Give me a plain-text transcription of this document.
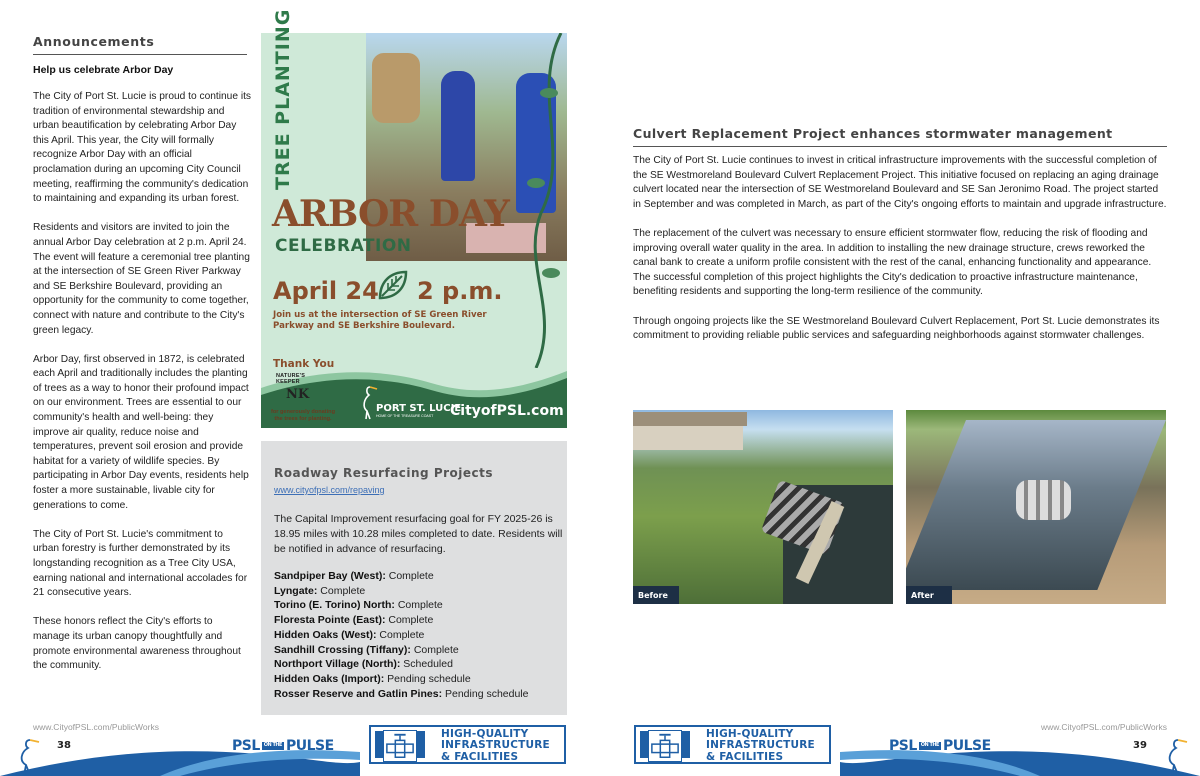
Announcements
Help us celebrate Arbor Day

The City of Port St. Lucie is proud to continue its tradition of environmental stewardship and urban beautification by celebrating Arbor Day this April. This year, the City will formally recognize Arbor Day with an official proclamation during an upcoming City Council meeting, reaffirming the community's dedication to maintaining and expanding its urban forest.

Residents and visitors are invited to join the annual Arbor Day celebration at 2 p.m. April 24. The event will feature a ceremonial tree planting at the intersection of SE Green River Parkway and SE Berkshire Boulevard, providing an opportunity for the community to come together, connect with nature and contribute to the City's green legacy.

Arbor Day, first observed in 1872, is celebrated each April and traditionally includes the planting of trees as a way to honor their profound impact on our environment. Trees are essential to our community's health and well-being: they improve air quality, reduce noise and temperatures, prevent soil erosion and provide habitat for a variety of wildlife species. By participating in Arbor Day events, residents help foster a more sustainable, livable city for generations to come.

The City of Port St. Lucie's commitment to urban forestry is further demonstrated by its longstanding recognition as a Tree City USA, earning national and international accolades for 21 consecutive years.

These honors reflect the City's efforts to manage its urban canopy thoughtfully and promote environmental awareness throughout the community.

TREE PLANTING
ARBOR DAY
CELEBRATION
April 24 2 p.m.
Join us at the intersection of SE Green River Parkway and SE Berkshire Boulevard.
Thank You
NATURE'S KEEPER
NK
for generously donating the trees for planting.
PORT ST. LUCIE
HOME OF THE TREASURE COAST CityofPSL.com
Roadway Resurfacing Projects
www.cityofpsl.com/repaving
The Capital Improvement resurfacing goal for FY 2025-26 is 18.95 miles with 10.28 miles completed to date. Residents will be notified in advance of resurfacing.
Sandpiper Bay (West): Complete
Lyngate: Complete
Torino (E. Torino) North: Complete
Floresta Pointe (East): Complete
Hidden Oaks (West): Complete
Sandhill Crossing (Tiffany): Complete
Northport Village (North): Scheduled
Hidden Oaks (Import): Pending schedule
Rosser Reserve and Gatlin Pines: Pending schedule
Culvert Replacement Project enhances stormwater management

The City of Port St. Lucie continues to invest in critical infrastructure improvements with the successful completion of the SE Westmoreland Boulevard Culvert Replacement Project. This initiative focused on replacing an aging drainage culvert located near the intersection of SE Westmoreland Boulevard and SE San Jeronimo Road. The project started in September and was completed in March, as part of the City's ongoing efforts to maintain and upgrade infrastructure.

The replacement of the culvert was necessary to ensure efficient stormwater flow, reducing the risk of flooding and improving overall water quality in the area. In addition to installing the new drainage structure, crews reworked the canal bank to create a uniform profile consistent with the rest of the canal, enhancing functionality and appearance. The successful completion of this project highlights the City's dedication to proactive infrastructure maintenance, benefiting residents and supporting the long-term resilience of the community.

Through ongoing projects like the SE Westmoreland Boulevard Culvert Replacement, Port St. Lucie demonstrates its commitment to providing reliable public services and safeguarding neighborhoods against stormwater challenges.

Before	After
www.CityofPSL.com/PublicWorks	www.CityofPSL.com/PublicWorks
38	PSL ON THE PULSE
HIGH-QUALITY
INFRASTRUCTURE
& FACILITIES
HIGH-QUALITY
INFRASTRUCTURE
& FACILITIES
PSL ON THE PULSE	39
